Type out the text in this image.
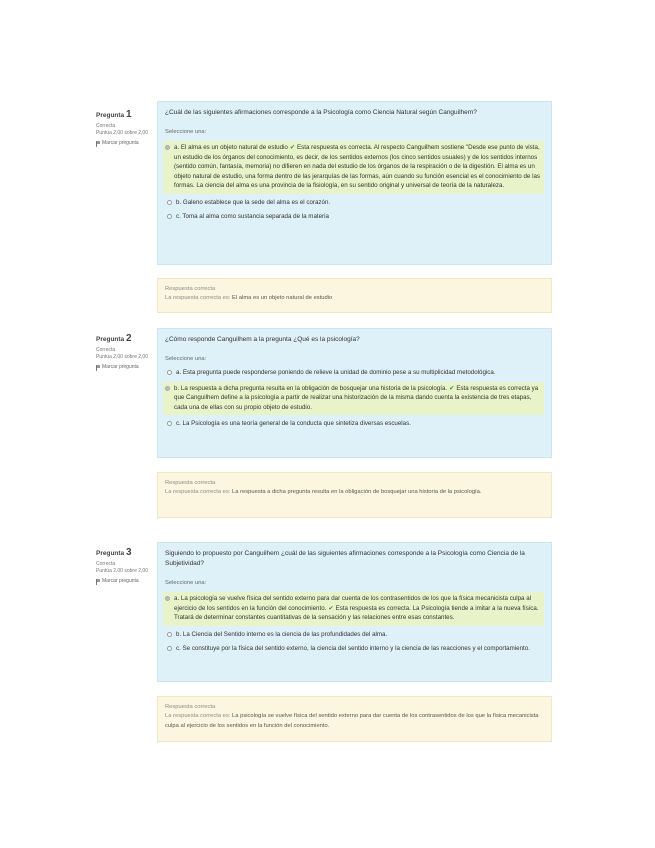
Pregunta 1
Correcta
Puntúa 2,00 sobre 2,00
Marcar pregunta
¿Cuál de las siguientes afirmaciones corresponde a la Psicología como Ciencia Natural según Canguilhem?
Seleccione una:
a. El alma es un objeto natural de estudio ✔ Esta respuesta es correcta. Al respecto Canguilhem sostiene "Desde ese punto de vista, un estudio de los órganos del conocimiento, es decir, de los sentidos externos (los cinco sentidos usuales) y de los sentidos internos (sentido común, fantasía, memoria) no difieren en nada del estudio de los órganos de la respiración o de la digestión. El alma es un objeto natural de estudio, una forma dentro de las jerarquías de las formas, aún cuando su función esencial es el conocimiento de las formas. La ciencia del alma es una provincia de la fisiología, en su sentido original y universal de teoría de la naturaleza.
b. Galeno establece que la sede del alma es el corazón.
c. Toma al alma como sustancia separada de la materia
Respuesta correcta
La respuesta correcta es: El alma es un objeto natural de estudio
Pregunta 2
Correcta
Puntúa 2,00 sobre 2,00
Marcar pregunta
¿Cómo responde Canguilhem a la pregunta ¿Qué es la psicología?
Seleccione una:
a. Esta pregunta puede responderse poniendo de relieve la unidad de dominio pese a su multiplicidad metodológica.
b. La respuesta a dicha pregunta resulta en la obligación de bosquejar una historia de la psicología. ✔ Esta respuesta es correcta ya que Canguilhem define a la psicología a partir de realizar una historización de la misma dando cuenta la existencia de tres etapas, cada una de ellas con su propio objeto de estudio.
c. La Psicología es una teoría general de la conducta que sintetiza diversas escuelas.
Respuesta correcta
La respuesta correcta es: La respuesta a dicha pregunta resulta en la obligación de bosquejar una historia de la psicología.
Pregunta 3
Correcta
Puntúa 2,00 sobre 2,00
Marcar pregunta
Siguiendo lo propuesto por Canguilhem ¿cuál de las siguientes afirmaciones corresponde a la Psicología como Ciencia de la Subjetividad?
Seleccione una:
a. La psicología se vuelve física del sentido externo para dar cuenta de los contrasentidos de los que la física mecanicista culpa al ejercicio de los sentidos en la función del conocimiento. ✔ Esta respuesta es correcta. La Psicología tiende a imitar a la nueva física. Tratará de determinar constantes cuantitativas de la sensación y las relaciones entre esas constantes.
b. La Ciencia del Sentido interno es la ciencia de las profundidades del alma.
c. Se constituye por la física del sentido externo, la ciencia del sentido interno y la ciencia de las reacciones y el comportamiento.
Respuesta correcta
La respuesta correcta es: La psicología se vuelve física del sentido externo para dar cuenta de los contrasentidos de los que la física mecanicista culpa al ejercicio de los sentidos en la función del conocimiento.
